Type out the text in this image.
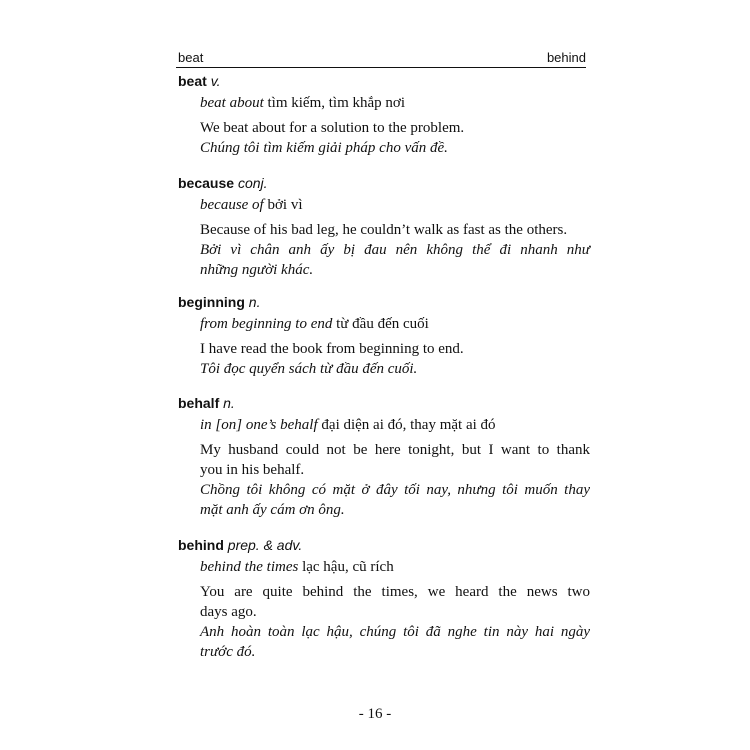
beat	behind
beat v.
beat about tìm kiếm, tìm khắp nơi
We beat about for a solution to the problem.
Chúng tôi tìm kiếm giải pháp cho vấn đề.
because conj.
because of bởi vì
Because of his bad leg, he couldn’t walk as fast as the others.
Bởi vì chân anh ấy bị đau nên không thể đi nhanh như
những người khác.
beginning n.
from beginning to end từ đầu đến cuối
I have read the book from beginning to end.
Tôi đọc quyển sách từ đầu đến cuối.
behalf n.
in [on] one’s behalf đại diện ai đó, thay mặt ai đó
My husband could not be here tonight, but I want to thank
you in his behalf.
Chồng tôi không có mặt ở đây tối nay, nhưng tôi muốn thay
mặt anh ấy cám ơn ông.
behind prep. & adv.
behind the times lạc hậu, cũ rích
You are quite behind the times, we heard the news two
days ago.
Anh hoàn toàn lạc hậu, chúng tôi đã nghe tin này hai ngày
trước đó.
- 16 -
